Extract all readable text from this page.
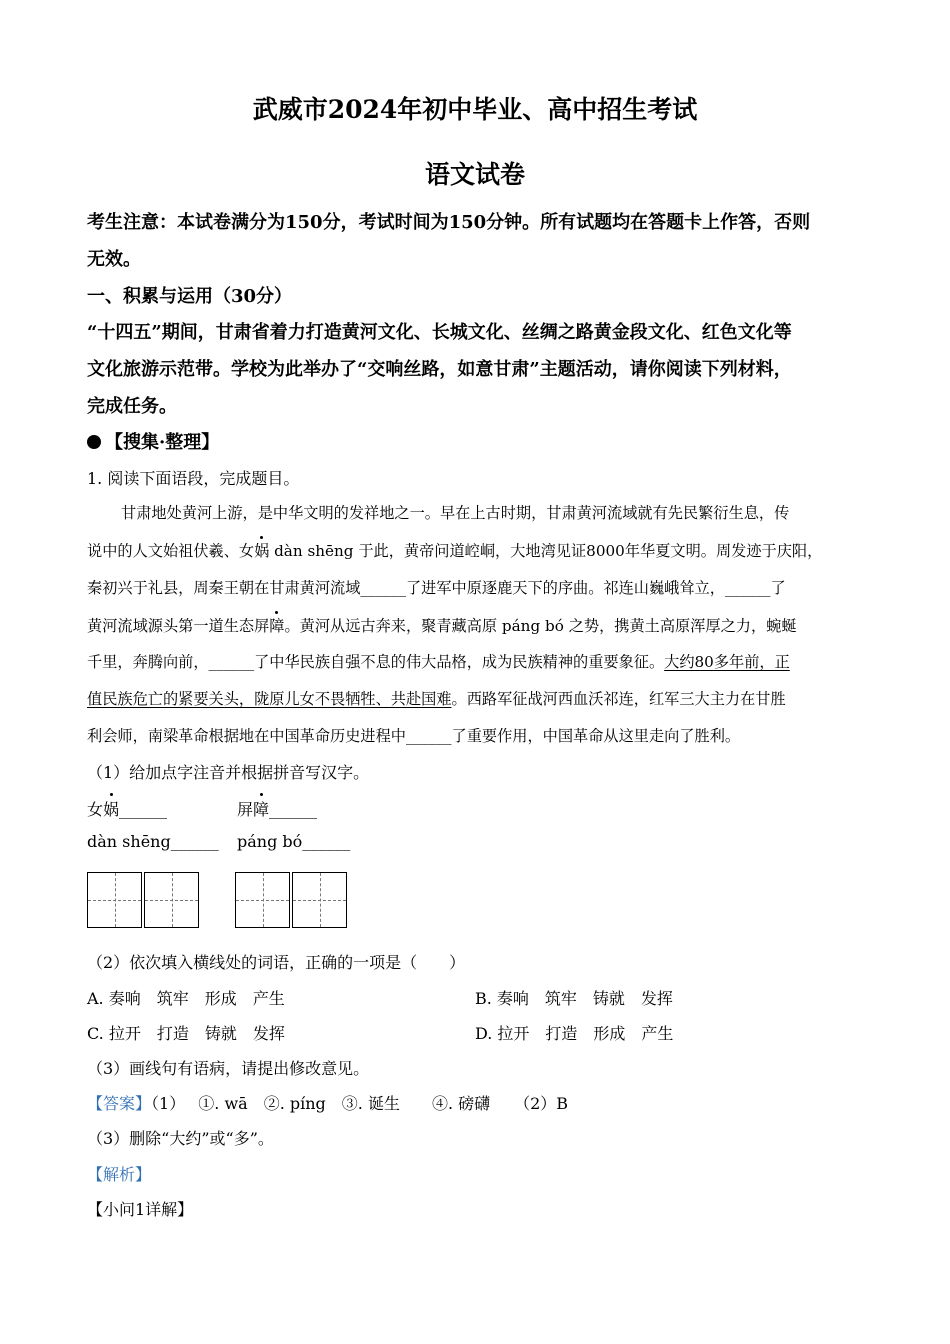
武威市2024年初中毕业、高中招生考试
语文试卷
考生注意：本试卷满分为150分，考试时间为150分钟。所有试题均在答题卡上作答，否则
无效。
一、积累与运用（30分）
“十四五”期间，甘肃省着力打造黄河文化、长城文化、丝绸之路黄金段文化、红色文化等
文化旅游示范带。学校为此举办了“交响丝路，如意甘肃”主题活动，请你阅读下列材料，
完成任务。
【搜集·整理】
1. 阅读下面语段，完成题目。
甘肃地处黄河上游，是中华文明的发祥地之一。早在上古时期，甘肃黄河流域就有先民繁衍生息，传
说中的人文始祖伏羲、女娲 dàn shēng 于此，黄帝问道崆峒，大地湾见证8000年华夏文明。周发迹于庆阳，
秦初兴于礼县，周秦王朝在甘肃黄河流域______了进军中原逐鹿天下的序曲。祁连山巍峨耸立，______了
黄河流域源头第一道生态屏障。黄河从远古奔来，聚青藏高原 páng bó 之势，携黄土高原浑厚之力，蜿蜒
千里，奔腾向前，______了中华民族自强不息的伟大品格，成为民族精神的重要象征。大约80多年前，正
值民族危亡的紧要关头，陇原儿女不畏牺牲、共赴国难。西路军征战河西血沃祁连，红军三大主力在甘胜
利会师，南梁革命根据地在中国革命历史进程中______了重要作用，中国革命从这里走向了胜利。
（1）给加点字注音并根据拼音写汉字。
女娲______	屏障______
dàn shēng______ páng bó______
（2）依次填入横线处的词语，正确的一项是（　　）
A. 奏响　筑牢　形成　产生	B. 奏响　筑牢　铸就　发挥
C. 拉开　打造　铸就　发挥	D. 拉开　打造　形成　产生
（3）画线句有语病，请提出修改意见。
【答案】（1）　 ①. wā　②. píng　③. 诞生　　④. 磅礴　　（2）B
（3）删除“大约”或“多”。
【解析】
【小问1详解】
